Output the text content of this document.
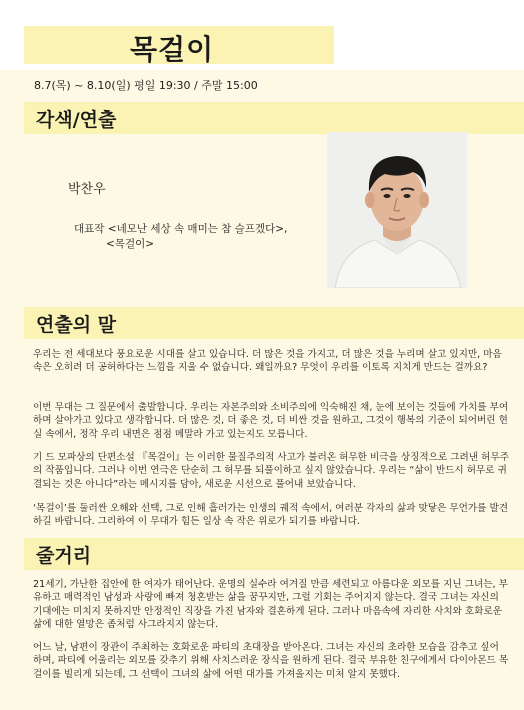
목걸이
8.7(목) ~ 8.10(일) 평일 19:30 / 주말 15:00
각색/연출
박찬우
대표작 <네모난 세상 속 매미는 참 슬프겠다>,
<목걸이>
연출의 말

우리는 전 세대보다 풍요로운 시대를 살고 있습니다. 더 많은 것을 가지고, 더 많은 것을 누리며 살고 있지만, 마음속은 오히려 더 공허하다는 느낌을 지울 수 없습니다. 왜일까요? 무엇이 우리를 이토록 지치게 만드는 걸까요?

이번 무대는 그 질문에서 출발합니다. 우리는 자본주의와 소비주의에 익숙해진 채, 눈에 보이는 것들에 가치를 부여하며 살아가고 있다고 생각합니다. 더 많은 것, 더 좋은 것, 더 비싼 것을 원하고, 그것이 행복의 기준이 되어버린 현실 속에서, 정작 우리 내면은 점점 메말라 가고 있는지도 모릅니다.

기 드 모파상의 단편소설 『목걸이』는 이러한 물질주의적 사고가 불러온 허무한 비극을 상징적으로 그려낸 허무주의 작품입니다. 그러나 이번 연극은 단순히 그 허무를 되풀이하고 싶지 않았습니다. 우리는 “삶이 반드시 허무로 귀결되는 것은 아니다”라는 메시지를 담아, 새로운 시선으로 풀어내 보았습니다.

‘목걸이’를 둘러싼 오해와 선택, 그로 인해 흘러가는 인생의 궤적 속에서, 여러분 각자의 삶과 맞닿은 무언가를 발견하길 바랍니다. 그리하여 이 무대가 힘든 일상 속 작은 위로가 되기를 바랍니다.

줄거리

21세기, 가난한 집안에 한 여자가 태어난다. 운명의 실수라 여겨질 만큼 세련되고 아름다운 외모를 지닌 그녀는, 부유하고 매력적인 남성과 사랑에 빠져 청혼받는 삶을 꿈꾸지만, 그럴 기회는 주어지지 않는다. 결국 그녀는 자신의 기대에는 미치지 못하지만 안정적인 직장을 가진 남자와 결혼하게 된다. 그러나 마음속에 자리한 사치와 호화로운 삶에 대한 열망은 좀처럼 사그라지지 않는다.

어느 날, 남편이 장관이 주최하는 호화로운 파티의 초대장을 받아온다. 그녀는 자신의 초라한 모습을 감추고 싶어 하며, 파티에 어울리는 외모를 갖추기 위해 사치스러운 장식을 원하게 된다. 결국 부유한 친구에게서 다이아몬드 목걸이를 빌리게 되는데, 그 선택이 그녀의 삶에 어떤 대가를 가져올지는 미처 알지 못했다.
